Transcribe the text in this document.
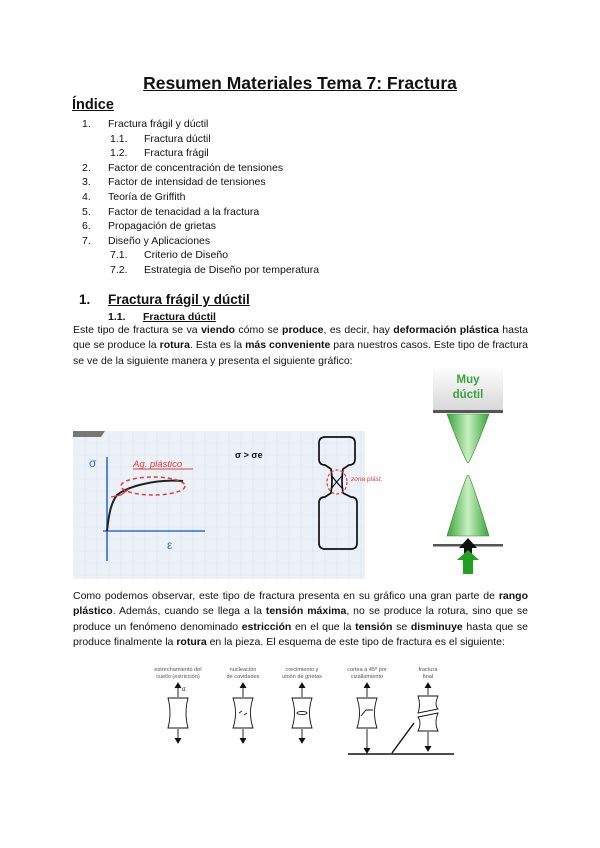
Resumen Materiales Tema 7: Fractura
Índice
1. Fractura frágil y dúctil
1.1. Fractura dúctil
1.2. Fractura frágil
2. Factor de concentración de tensiones
3. Factor de intensidad de tensiones
4. Teoría de Griffith
5. Factor de tenacidad a la fractura
6. Propagación de grietas
7. Diseño y Aplicaciones
7.1. Criterio de Diseño
7.2. Estrategia de Diseño por temperatura
1. Fractura frágil y dúctil
1.1. Fractura dúctil

Este tipo de fractura se va viendo cómo se produce, es decir, hay deformación plástica hasta que se produce la rotura. Esta es la más conveniente para nuestros casos. Este tipo de fractura se ve de la siguiente manera y presenta el siguiente gráfico:

σ
ε
Ag. plástico
σ > σe
zona plást.
Muy
dúctil

Como podemos observar, este tipo de fractura presenta en su gráfico una gran parte de rango plástico. Además, cuando se llega a la tensión máxima, no se produce la rotura, sino que se produce un fenómeno denominado estricción en el que la tensión se disminuye hasta que se produce finalmente la rotura en la pieza. El esquema de este tipo de fractura es el siguiente:

estrechamiento del
cuello (estricción)
nucleación
de cavidades
crecimiento y
unión de grietas
cortea a 45º por
cizallamiento
fractura
final
σ
